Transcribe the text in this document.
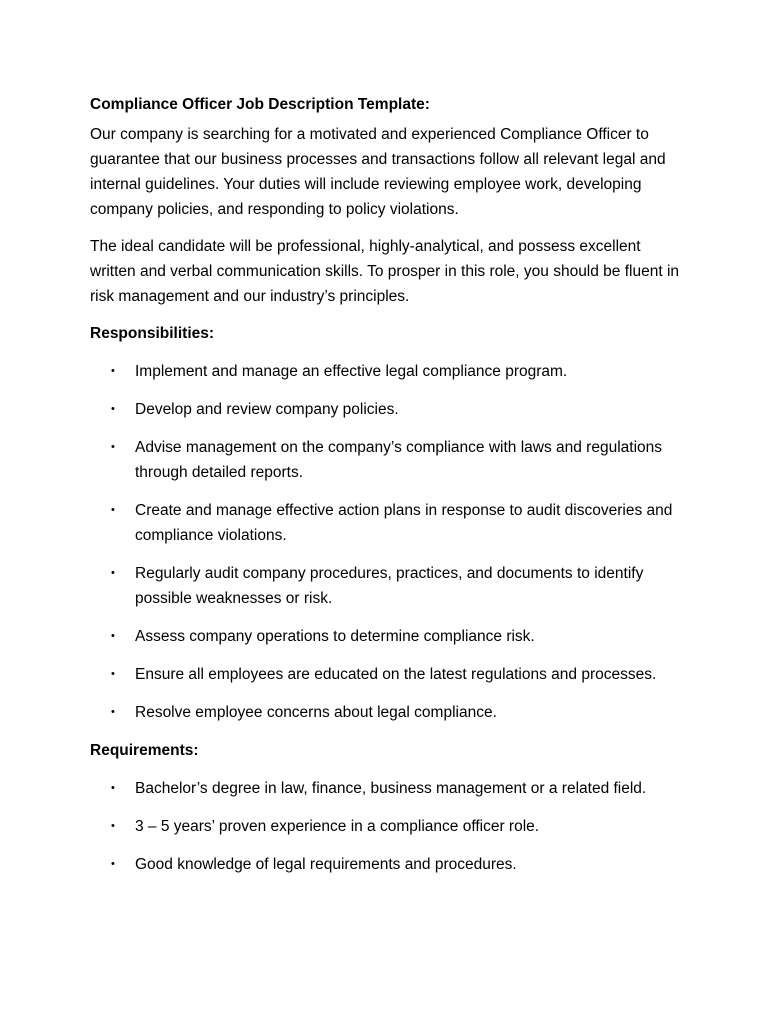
Compliance Officer Job Description Template:

Our company is searching for a motivated and experienced Compliance Officer to guarantee that our business processes and transactions follow all relevant legal and internal guidelines. Your duties will include reviewing employee work, developing company policies, and responding to policy violations.

The ideal candidate will be professional, highly-analytical, and possess excellent written and verbal communication skills. To prosper in this role, you should be fluent in risk management and our industry’s principles.

Responsibilities:

• Implement and manage an effective legal compliance program.
• Develop and review company policies.
• Advise management on the company’s compliance with laws and regulations through detailed reports.
• Create and manage effective action plans in response to audit discoveries and compliance violations.
• Regularly audit company procedures, practices, and documents to identify possible weaknesses or risk.
• Assess company operations to determine compliance risk.
• Ensure all employees are educated on the latest regulations and processes.
• Resolve employee concerns about legal compliance.

Requirements:

• Bachelor’s degree in law, finance, business management or a related field.
• 3 – 5 years’ proven experience in a compliance officer role.
• Good knowledge of legal requirements and procedures.
